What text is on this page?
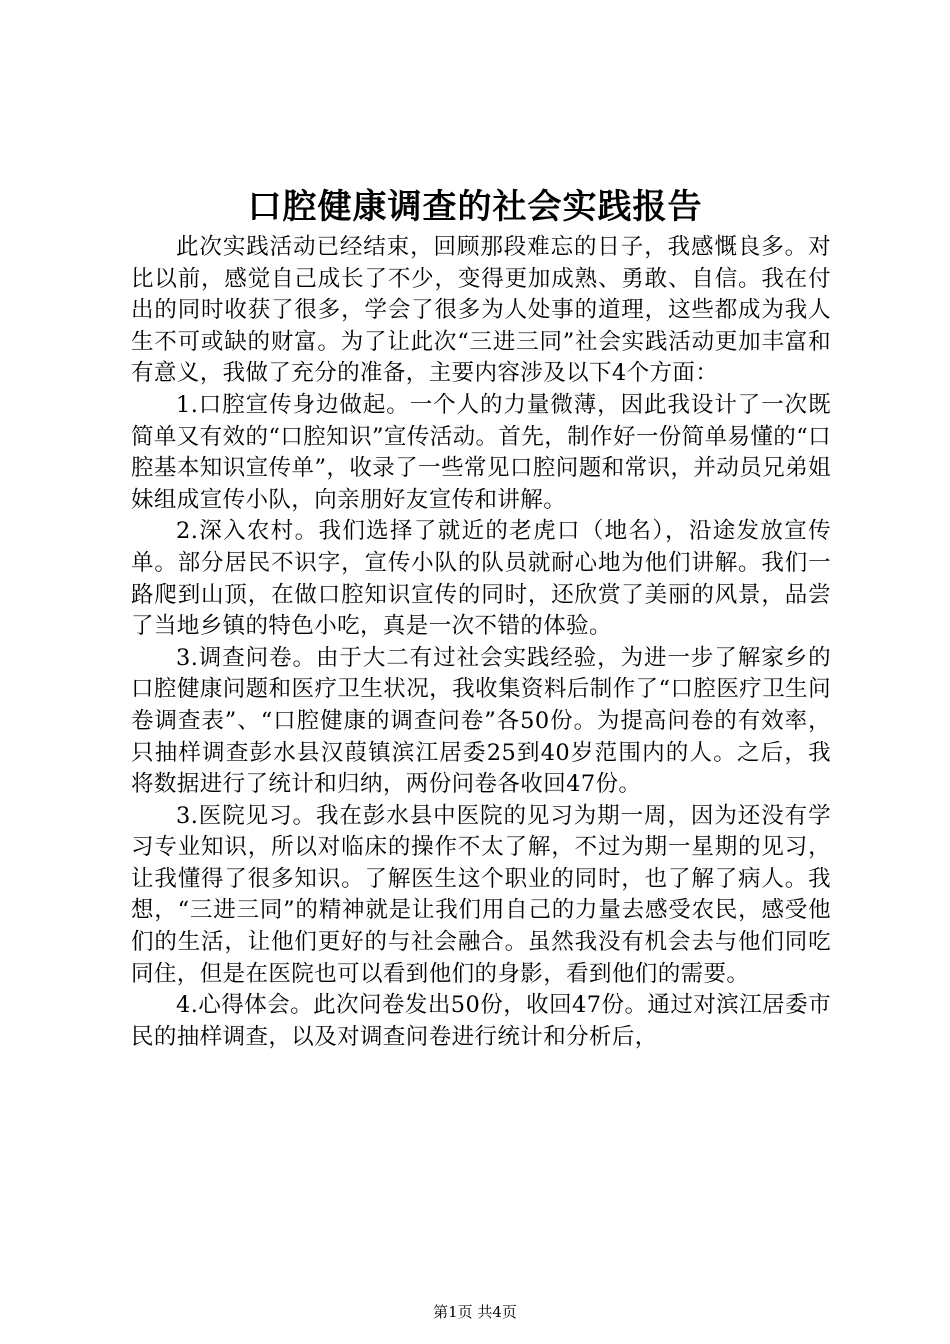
口腔健康调查的社会实践报告

此次实践活动已经结束，回顾那段难忘的日子，我感慨良多。对比以前，感觉自己成长了不少，变得更加成熟、勇敢、自信。我在付出的同时收获了很多，学会了很多为人处事的道理，这些都成为我人生不可或缺的财富。为了让此次“三进三同”社会实践活动更加丰富和有意义，我做了充分的准备，主要内容涉及以下4个方面：

1.口腔宣传身边做起。一个人的力量微薄，因此我设计了一次既简单又有效的“口腔知识”宣传活动。首先，制作好一份简单易懂的“口腔基本知识宣传单”，收录了一些常见口腔问题和常识，并动员兄弟姐妹组成宣传小队，向亲朋好友宣传和讲解。

2.深入农村。我们选择了就近的老虎口（地名），沿途发放宣传单。部分居民不识字，宣传小队的队员就耐心地为他们讲解。我们一路爬到山顶，在做口腔知识宣传的同时，还欣赏了美丽的风景，品尝了当地乡镇的特色小吃，真是一次不错的体验。

3.调查问卷。由于大二有过社会实践经验，为进一步了解家乡的口腔健康问题和医疗卫生状况，我收集资料后制作了“口腔医疗卫生问卷调查表”、“口腔健康的调查问卷”各50份。为提高问卷的有效率，只抽样调查彭水县汉葭镇滨江居委25到40岁范围内的人。之后，我将数据进行了统计和归纳，两份问卷各收回47份。

3.医院见习。我在彭水县中医院的见习为期一周，因为还没有学习专业知识，所以对临床的操作不太了解，不过为期一星期的见习，让我懂得了很多知识。了解医生这个职业的同时，也了解了病人。我想，“三进三同”的精神就是让我们用自己的力量去感受农民，感受他们的生活，让他们更好的与社会融合。虽然我没有机会去与他们同吃同住，但是在医院也可以看到他们的身影，看到他们的需要。

4.心得体会。此次问卷发出50份，收回47份。通过对滨江居委市民的抽样调查，以及对调查问卷进行统计和分析后，

第1页 共4页
